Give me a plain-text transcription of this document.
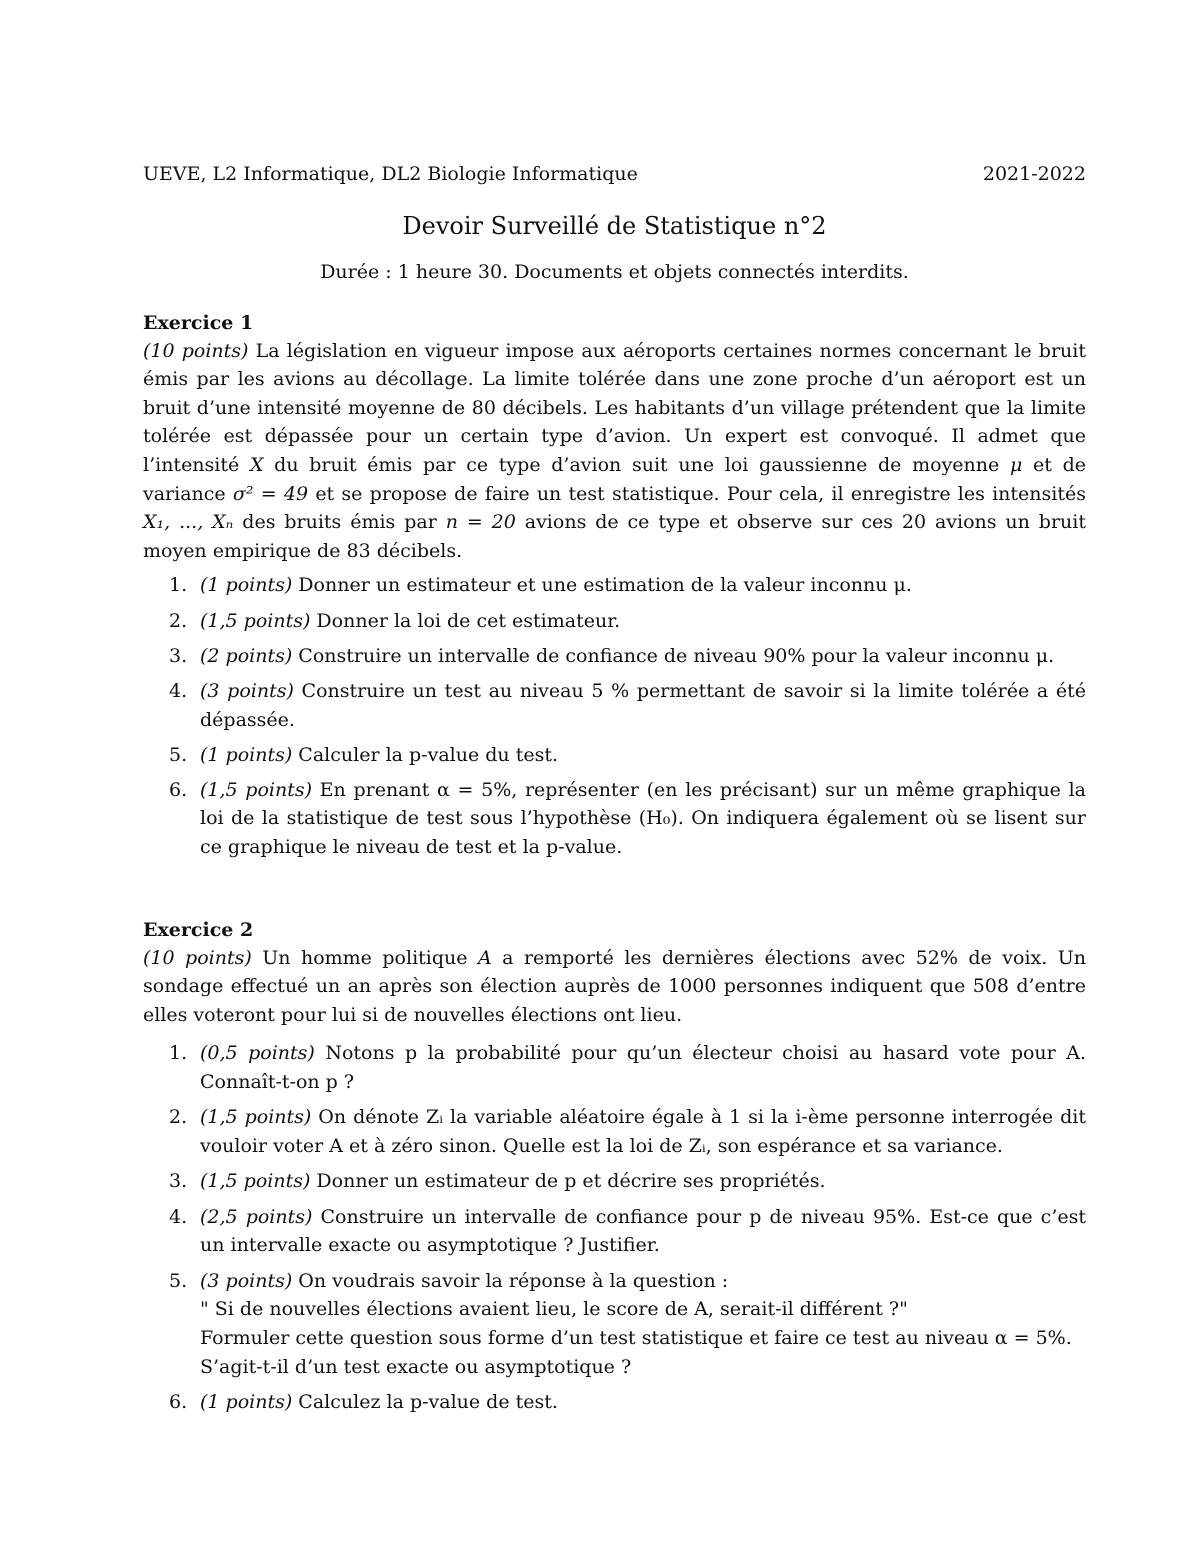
UEVE, L2 Informatique, DL2 Biologie Informatique	2021-2022
Devoir Surveillé de Statistique n°2
Durée : 1 heure 30. Documents et objets connectés interdits.
Exercice 1

(10 points) La législation en vigueur impose aux aéroports certaines normes concernant le bruit émis par les avions au décollage. La limite tolérée dans une zone proche d’un aéroport est un bruit d’une intensité moyenne de 80 décibels. Les habitants d’un village prétendent que la limite tolérée est dépassée pour un certain type d’avion. Un expert est convoqué. Il admet que l’intensité X du bruit émis par ce type d’avion suit une loi gaussienne de moyenne μ et de variance σ² = 49 et se propose de faire un test statistique. Pour cela, il enregistre les intensités X₁, ..., Xₙ des bruits émis par n = 20 avions de ce type et observe sur ces 20 avions un bruit moyen empirique de 83 décibels.

1. (1 points) Donner un estimateur et une estimation de la valeur inconnu μ.
2. (1,5 points) Donner la loi de cet estimateur.
3. (2 points) Construire un intervalle de confiance de niveau 90% pour la valeur inconnu μ.
4. (3 points) Construire un test au niveau 5 % permettant de savoir si la limite tolérée a été dépassée.
5. (1 points) Calculer la p-value du test.
6. (1,5 points) En prenant α = 5%, représenter (en les précisant) sur un même graphique la loi de la statistique de test sous l’hypothèse (H₀). On indiquera également où se lisent sur ce graphique le niveau de test et la p-value.
Exercice 2

(10 points) Un homme politique A a remporté les dernières élections avec 52% de voix. Un sondage effectué un an après son élection auprès de 1000 personnes indiquent que 508 d’entre elles voteront pour lui si de nouvelles élections ont lieu.

1. (0,5 points) Notons p la probabilité pour qu’un électeur choisi au hasard vote pour A. Connaît-t-on p ?
2. (1,5 points) On dénote Zᵢ la variable aléatoire égale à 1 si la i-ème personne interrogée dit vouloir voter A et à zéro sinon. Quelle est la loi de Zᵢ, son espérance et sa variance.
3. (1,5 points) Donner un estimateur de p et décrire ses propriétés.
4. (2,5 points) Construire un intervalle de confiance pour p de niveau 95%. Est-ce que c’est un intervalle exacte ou asymptotique ? Justifier.
5. (3 points) On voudrais savoir la réponse à la question :
" Si de nouvelles élections avaient lieu, le score de A, serait-il différent ?"
Formuler cette question sous forme d’un test statistique et faire ce test au niveau α = 5%.
S’agit-t-il d’un test exacte ou asymptotique ?
6. (1 points) Calculez la p-value de test.
